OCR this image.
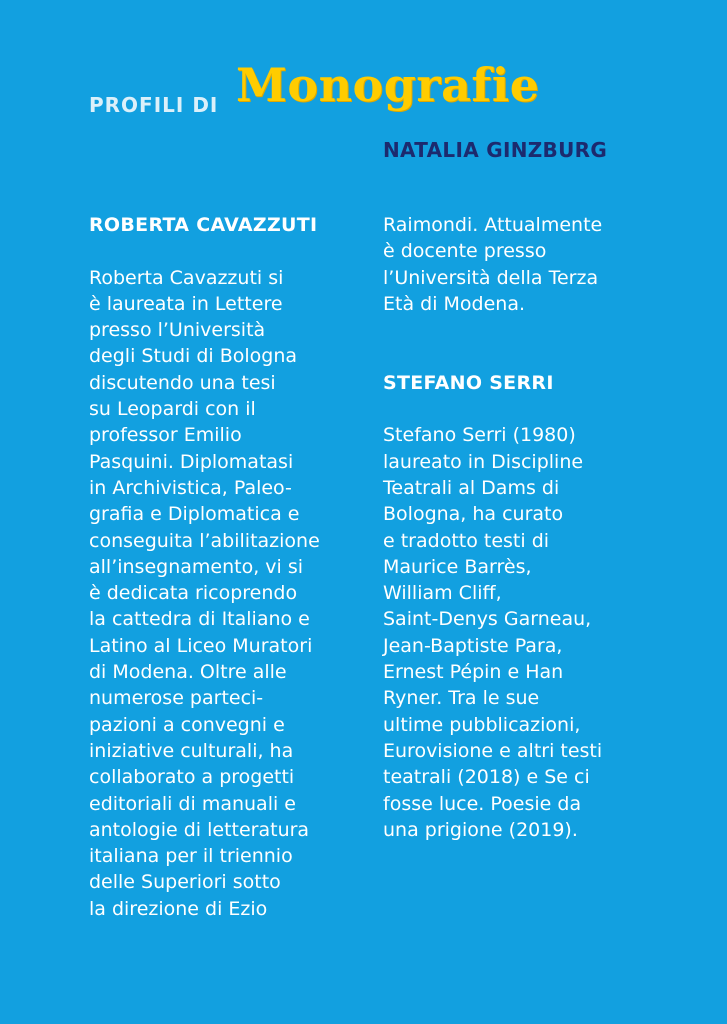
PROFILI DI Monografie
NATALIA GINZBURG
ROBERTA CAVAZZUTI
Roberta Cavazzuti si
è laureata in Lettere
presso l’Università
degli Studi di Bologna
discutendo una tesi
su Leopardi con il
professor Emilio
Pasquini. Diplomatasi
in Archivistica, Paleo-
grafia e Diplomatica e
conseguita l’abilitazione
all’insegnamento, vi si
è dedicata ricoprendo
la cattedra di Italiano e
Latino al Liceo Muratori
di Modena. Oltre alle
numerose parteci-
pazioni a convegni e
iniziative culturali, ha
collaborato a progetti
editoriali di manuali e
antologie di letteratura
italiana per il triennio
delle Superiori sotto
la direzione di Ezio
Raimondi. Attualmente
è docente presso
l’Università della Terza
Età di Modena.
STEFANO SERRI
Stefano Serri (1980)
laureato in Discipline
Teatrali al Dams di
Bologna, ha curato
e tradotto testi di
Maurice Barrès,
William Cliff,
Saint-Denys Garneau,
Jean-Baptiste Para,
Ernest Pépin e Han
Ryner. Tra le sue
ultime pubblicazioni,
Eurovisione e altri testi
teatrali (2018) e Se ci
fosse luce. Poesie da
una prigione (2019).
